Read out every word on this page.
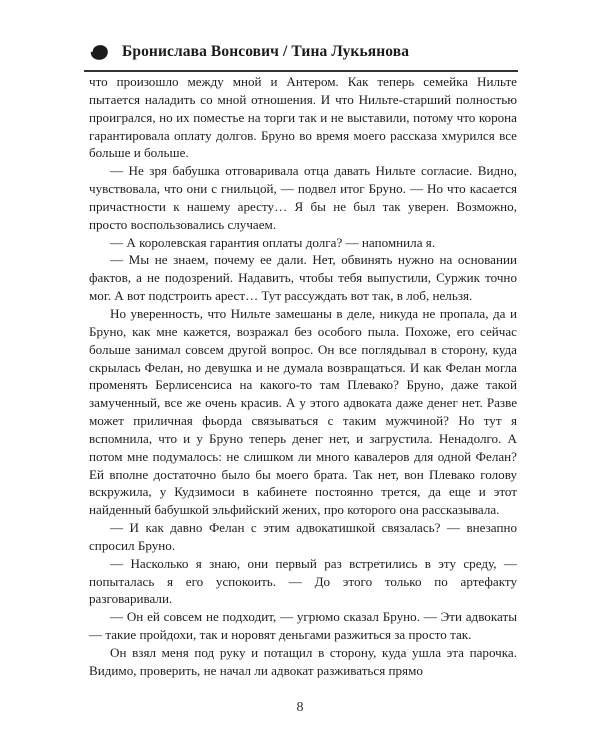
Бронислава Вонсович / Тина Лукьянова

что произошло между мной и Антером. Как теперь семейка Нильте пытается наладить со мной отношения. И что Нильте-старший полностью проигрался, но их поместье на торги так и не выставили, потому что корона гарантировала оплату долгов. Бруно во время моего рассказа хмурился все больше и больше.

— Не зря бабушка отговаривала отца давать Нильте согласие. Видно, чувствовала, что они с гнильцой, — подвел итог Бруно. — Но что касается причастности к нашему аресту… Я бы не был так уверен. Возможно, просто воспользовались случаем.

— А королевская гарантия оплаты долга? — напомнила я.

— Мы не знаем, почему ее дали. Нет, обвинять нужно на основании фактов, а не подозрений. Надавить, чтобы тебя выпустили, Суржик точно мог. А вот подстроить арест… Тут рассуждать вот так, в лоб, нельзя.

Но уверенность, что Нильте замешаны в деле, никуда не пропала, да и Бруно, как мне кажется, возражал без особого пыла. Похоже, его сейчас больше занимал совсем другой вопрос. Он все поглядывал в сторону, куда скрылась Фелан, но девушка и не думала возвращаться. И как Фелан могла променять Берлисенсиса на какого-то там Плевако? Бруно, даже такой замученный, все же очень красив. А у этого адвоката даже денег нет. Разве может приличная фьорда связываться с таким мужчиной? Но тут я вспомнила, что и у Бруно теперь денег нет, и загрустила. Ненадолго. А потом мне подумалось: не слишком ли много кавалеров для одной Фелан? Ей вполне достаточно было бы моего брата. Так нет, вон Плевако голову вскружила, у Кудзимоси в кабинете постоянно трется, да еще и этот найденный бабушкой эльфийский жених, про которого она рассказывала.

— И как давно Фелан с этим адвокатишкой связалась? — внезапно спросил Бруно.

— Насколько я знаю, они первый раз встретились в эту среду, — попыталась я его успокоить. — До этого только по артефакту разговаривали.

— Он ей совсем не подходит, — угрюмо сказал Бруно. — Эти адвокаты — такие пройдохи, так и норовят деньгами разжиться за просто так.

Он взял меня под руку и потащил в сторону, куда ушла эта парочка. Видимо, проверить, не начал ли адвокат разживаться прямо

8
